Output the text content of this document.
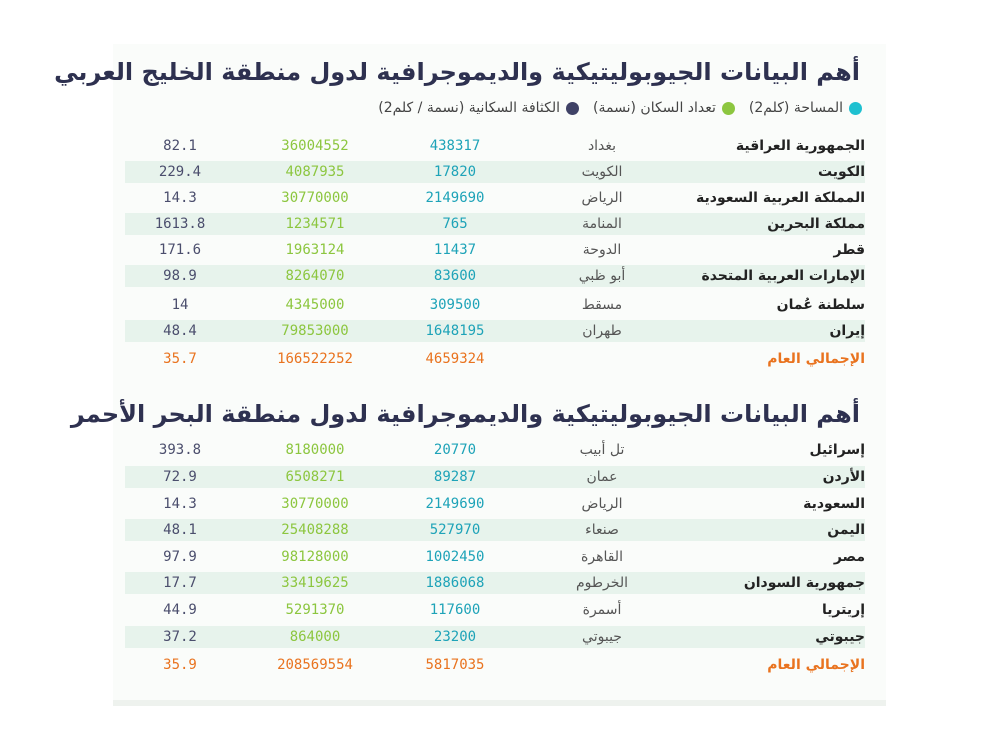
أهم البيانات الجيوبوليتيكية والديموجرافية لدول منطقة الخليج العربي
المساحة (كلم2)
تعداد السكان (نسمة)
الكثافة السكانية (نسمة / كلم2)
الجمهورية العراقية
بغداد
438317
36004552
82.1
الكويت
الكويت
17820
4087935
229.4
المملكة العربية السعودية
الرياض
2149690
30770000
14.3
مملكة البحرين
المنامة
765
1234571
1613.8
قطر
الدوحة
11437
1963124
171.6
الإمارات العربية المتحدة
أبو ظبي
83600
8264070
98.9
سلطنة عُمان
مسقط
309500
4345000
14
إيران
طهران
1648195
79853000
48.4
الإجمالي العام
4659324
166522252
35.7
أهم البيانات الجيوبوليتيكية والديموجرافية لدول منطقة البحر الأحمر
إسرائيل
تل أبيب
20770
8180000
393.8
الأردن
عمان
89287
6508271
72.9
السعودية
الرياض
2149690
30770000
14.3
اليمن
صنعاء
527970
25408288
48.1
مصر
القاهرة
1002450
98128000
97.9
جمهورية السودان
الخرطوم
1886068
33419625
17.7
إريتريا
أسمرة
117600
5291370
44.9
جيبوتي
جيبوتي
23200
864000
37.2
الإجمالي العام
5817035
208569554
35.9
